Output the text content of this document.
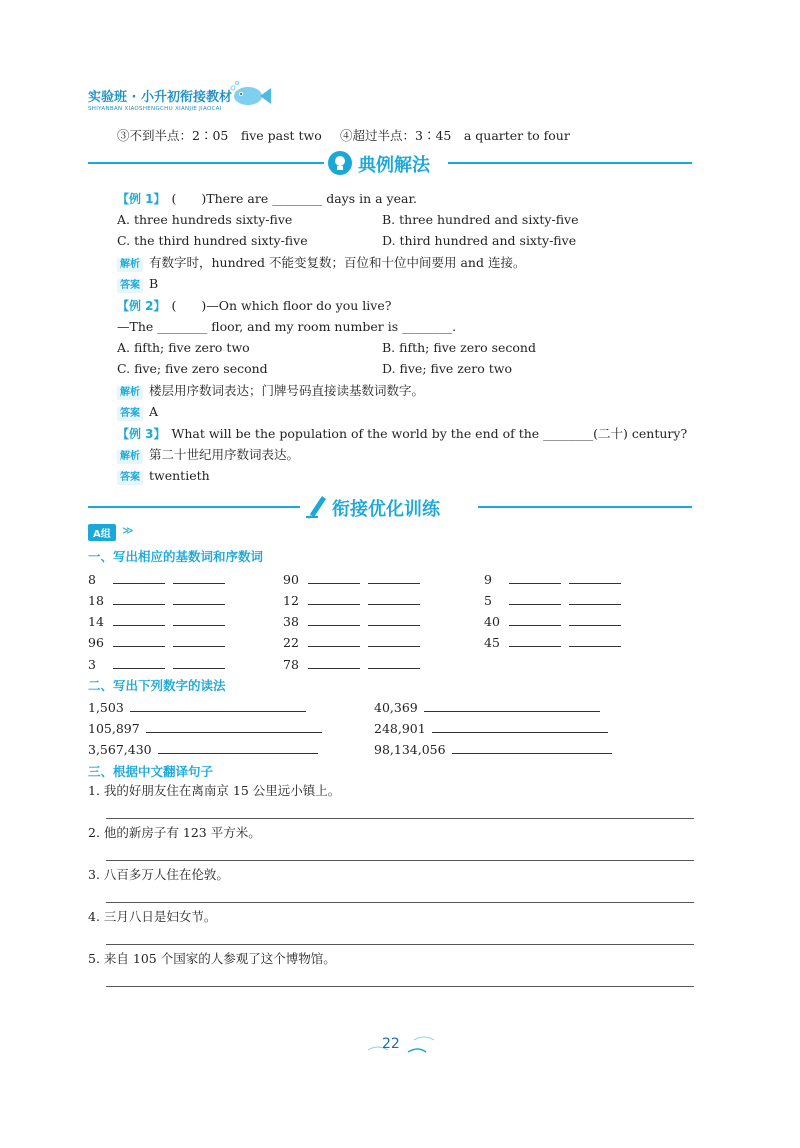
实验班 · 小升初衔接教材
SHIYANBAN XIAOSHENGCHU XIANJIE JIAOCAI
③不到半点：2∶05　five past two ④超过半点：3∶45　a quarter to four
典例解法
【例 1】 (　　)There are ________ days in a year.
A. three hundreds sixty-five	B. three hundred and sixty-five
C. the third hundred sixty-five	D. third hundred and sixty-five
解析 有数字时，hundred 不能变复数；百位和十位中间要用 and 连接。
答案 B
【例 2】 (　　)—On which floor do you live?
—The ________ floor, and my room number is ________.
A. fifth; five zero two	B. fifth; five zero second
C. five; five zero second	D. five; five zero two
解析 楼层用序数词表达；门牌号码直接读基数词数字。
答案 A
【例 3】 What will be the population of the world by the end of the ________(二十) century?
解析 第二十世纪用序数词表达。
答案 twentieth
衔接优化训练
A组	≫
一、写出相应的基数词和序数词
8	90	9
18	12	5
14	38	40
96	22	45
3	78
二、写出下列数字的读法
1,503	40,369
105,897	248,901
3,567,430	98,134,056
三、根据中文翻译句子
1. 我的好朋友住在离南京 15 公里远小镇上。
2. 他的新房子有 123 平方米。
3. 八百多万人住在伦敦。
4. 三月八日是妇女节。
5. 来自 105 个国家的人参观了这个博物馆。
22
